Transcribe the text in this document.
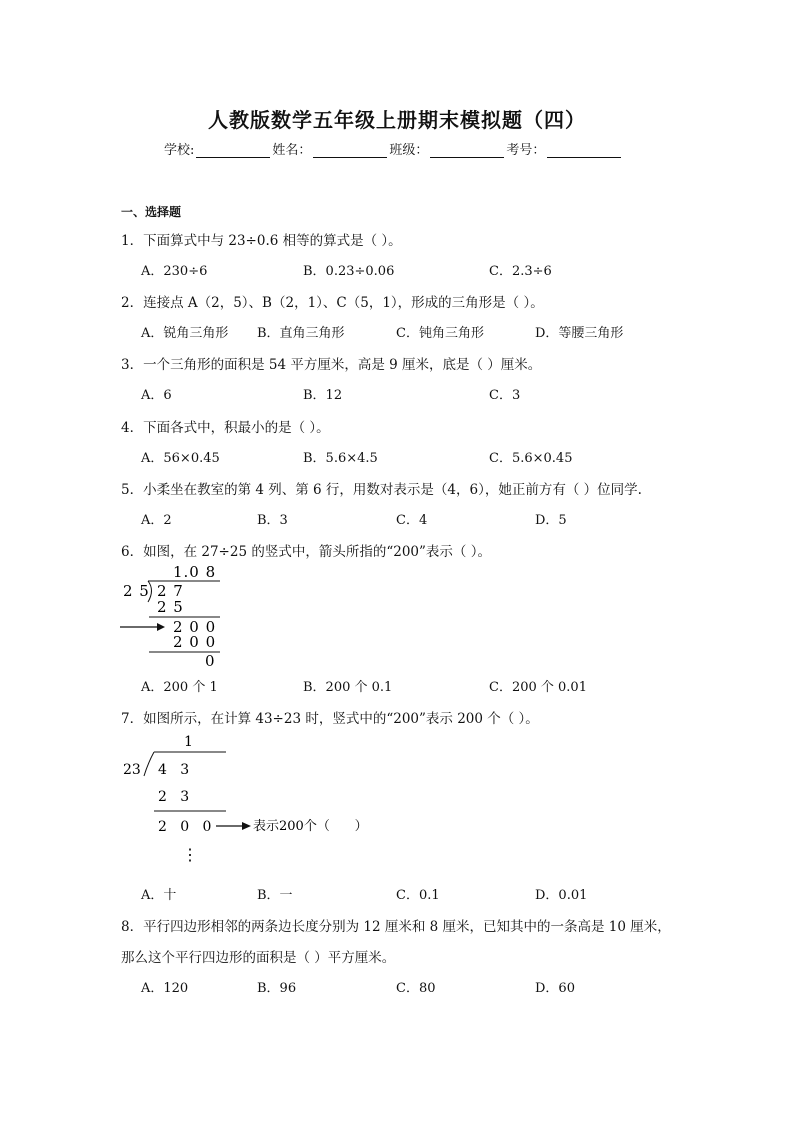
人教版数学五年级上册期末模拟题（四）
学校:	姓名：	班级：	考号：
一、选择题
1．下面算式中与 23÷0.6 相等的算式是（ ）。
A．230÷6	B．0.23÷0.06	C．2.3÷6
2．连接点 A（2，5）、B（2，1）、C（5，1），形成的三角形是（ ）。
A．锐角三角形 B．直角三角形	C．钝角三角形	D．等腰三角形
3．一个三角形的面积是 54 平方厘米，高是 9 厘米，底是（ ）厘米。
A．6	B．12	C．3
4．下面各式中，积最小的是（ ）。
A．56×0.45	B．5.6×4.5	C．5.6×0.45
5．小柔坐在教室的第 4 列、第 6 行，用数对表示是（4，6），她正前方有（ ）位同学.
A．2	B．3	C．4	D．5
6．如图，在 27÷25 的竖式中，箭头所指的“200”表示（ ）。
1.0 8
2 5 2 7
2 5
2 0 0
2 0 0
0
A．200 个 1	B．200 个 0.1	C．200 个 0.01
7．如图所示，在计算 43÷23 时，竖式中的“200”表示 200 个（ ）。
1
23 4   3
2   3
2   0   0	表示200个（      ）
⋮
A．十	B．一	C．0.1	D．0.01
8．平行四边形相邻的两条边长度分别为 12 厘米和 8 厘米，已知其中的一条高是 10 厘米，
那么这个平行四边形的面积是（ ）平方厘米。
A．120	B．96	C．80	D．60
